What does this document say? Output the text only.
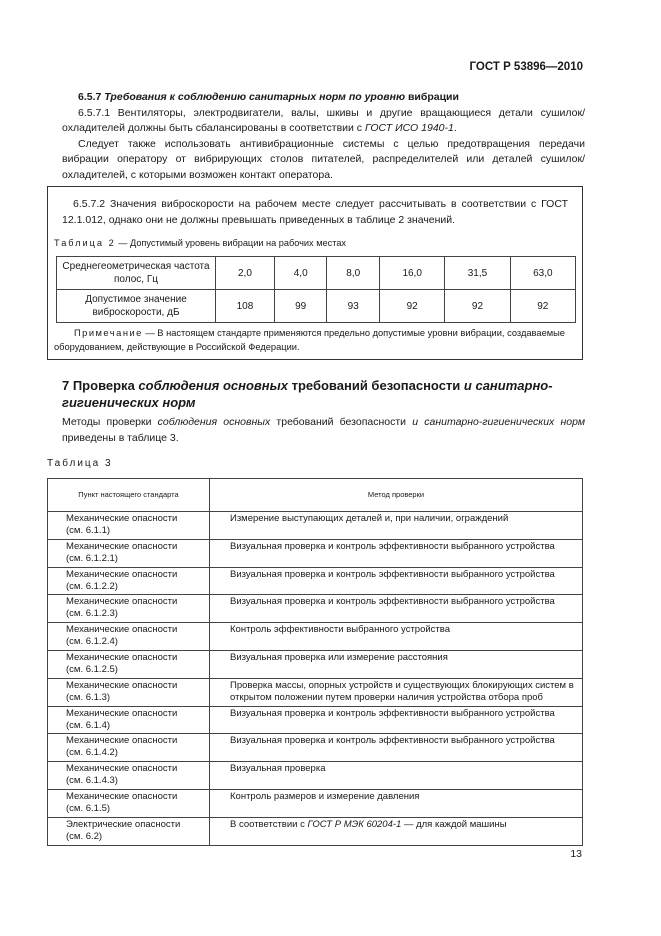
ГОСТ Р 53896—2010

6.5.7 Требования к соблюдению санитарных норм по уровню вибрации

6.5.7.1 Вентиляторы, электродвигатели, валы, шкивы и другие вращающиеся детали сушилок/охладителей должны быть сбалансированы в соответствии с ГОСТ ИСО 1940-1.

Следует также использовать антивибрационные системы с целью предотвращения передачи вибрации оператору от вибрирующих столов питателей, распределителей или деталей сушилок/охладителей, с которыми возможен контакт оператора.

6.5.7.2 Значения виброскорости на рабочем месте следует рассчитывать в соответствии с ГОСТ 12.1.012, однако они не должны превышать приведенных в таблице 2 значений.

Таблица 2 — Допустимый уровень вибрации на рабочих местах
Среднегеометрическая частота полос, Гц	2,0	4,0	8,0	16,0	31,5	63,0
Допустимое значение виброскорости, дБ	108	99	93	92	92	92

Примечание — В настоящем стандарте применяются предельно допустимые уровни вибрации, создаваемые оборудованием, действующие в Российской Федерации.

7 Проверка соблюдения основных требований безопасности и санитарно-гигиенических норм

Методы проверки соблюдения основных требований безопасности и санитарно-гигиенических норм приведены в таблице 3.

Таблица 3
Пункт настоящего стандарта	Метод проверки

Механические опасности
(см. 6.1.1)	Измерение выступающих деталей и, при наличии, ограждений

Механические опасности
(см. 6.1.2.1)	Визуальная проверка и контроль эффективности выбранного устройства

Механические опасности
(см. 6.1.2.2)	Визуальная проверка и контроль эффективности выбранного устройства

Механические опасности
(см. 6.1.2.3)	Визуальная проверка и контроль эффективности выбранного устройства

Механические опасности
(см. 6.1.2.4)	Контроль эффективности выбранного устройства

Механические опасности
(см. 6.1.2.5)	Визуальная проверка или измерение расстояния

Механические опасности
(см. 6.1.3)	Проверка массы, опорных устройств и существующих блокирующих систем в открытом положении путем проверки наличия устройства отбора проб

Механические опасности
(см. 6.1.4)	Визуальная проверка и контроль эффективности выбранного устройства

Механические опасности
(см. 6.1.4.2)	Визуальная проверка и контроль эффективности выбранного устройства

Механические опасности
(см. 6.1.4.3)	Визуальная проверка

Механические опасности
(см. 6.1.5)	Контроль размеров и измерение давления

Электрические опасности
(см. 6.2)	В соответствии с ГОСТ Р МЭК 60204-1 — для каждой машины
13
